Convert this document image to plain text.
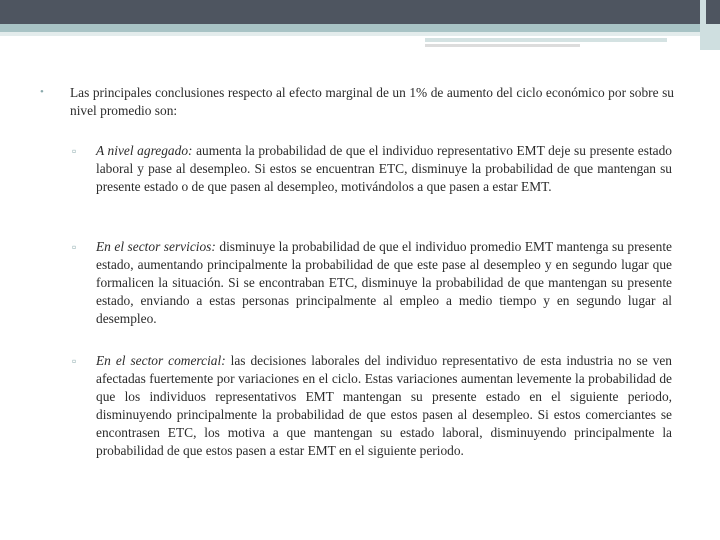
•	Las principales conclusiones respecto al efecto marginal de un 1% de aumento del ciclo económico por sobre su nivel promedio son:
▫ A nivel agregado: aumenta la probabilidad de que el individuo representativo EMT deje su presente estado laboral y pase al desempleo. Si estos se encuentran ETC, disminuye la probabilidad de que mantengan su presente estado o de que pasen al desempleo, motivándolos a que pasen a estar EMT.
▫ En el sector servicios: disminuye la probabilidad de que el individuo promedio EMT mantenga su presente estado, aumentando principalmente la probabilidad de que este pase al desempleo y en segundo lugar que formalicen la situación. Si se encontraban ETC, disminuye la probabilidad de que mantengan su presente estado, enviando a estas personas principalmente al empleo a medio tiempo y en segundo lugar al desempleo.
▫ En el sector comercial: las decisiones laborales del individuo representativo de esta industria no se ven afectadas fuertemente por variaciones en el ciclo. Estas variaciones aumentan levemente la probabilidad de que los individuos representativos EMT mantengan su presente estado en el siguiente periodo, disminuyendo principalmente la probabilidad de que estos pasen al desempleo. Si estos comerciantes se encontrasen ETC, los motiva a que mantengan su estado laboral, disminuyendo principalmente la probabilidad de que estos pasen a estar EMT en el siguiente periodo.
